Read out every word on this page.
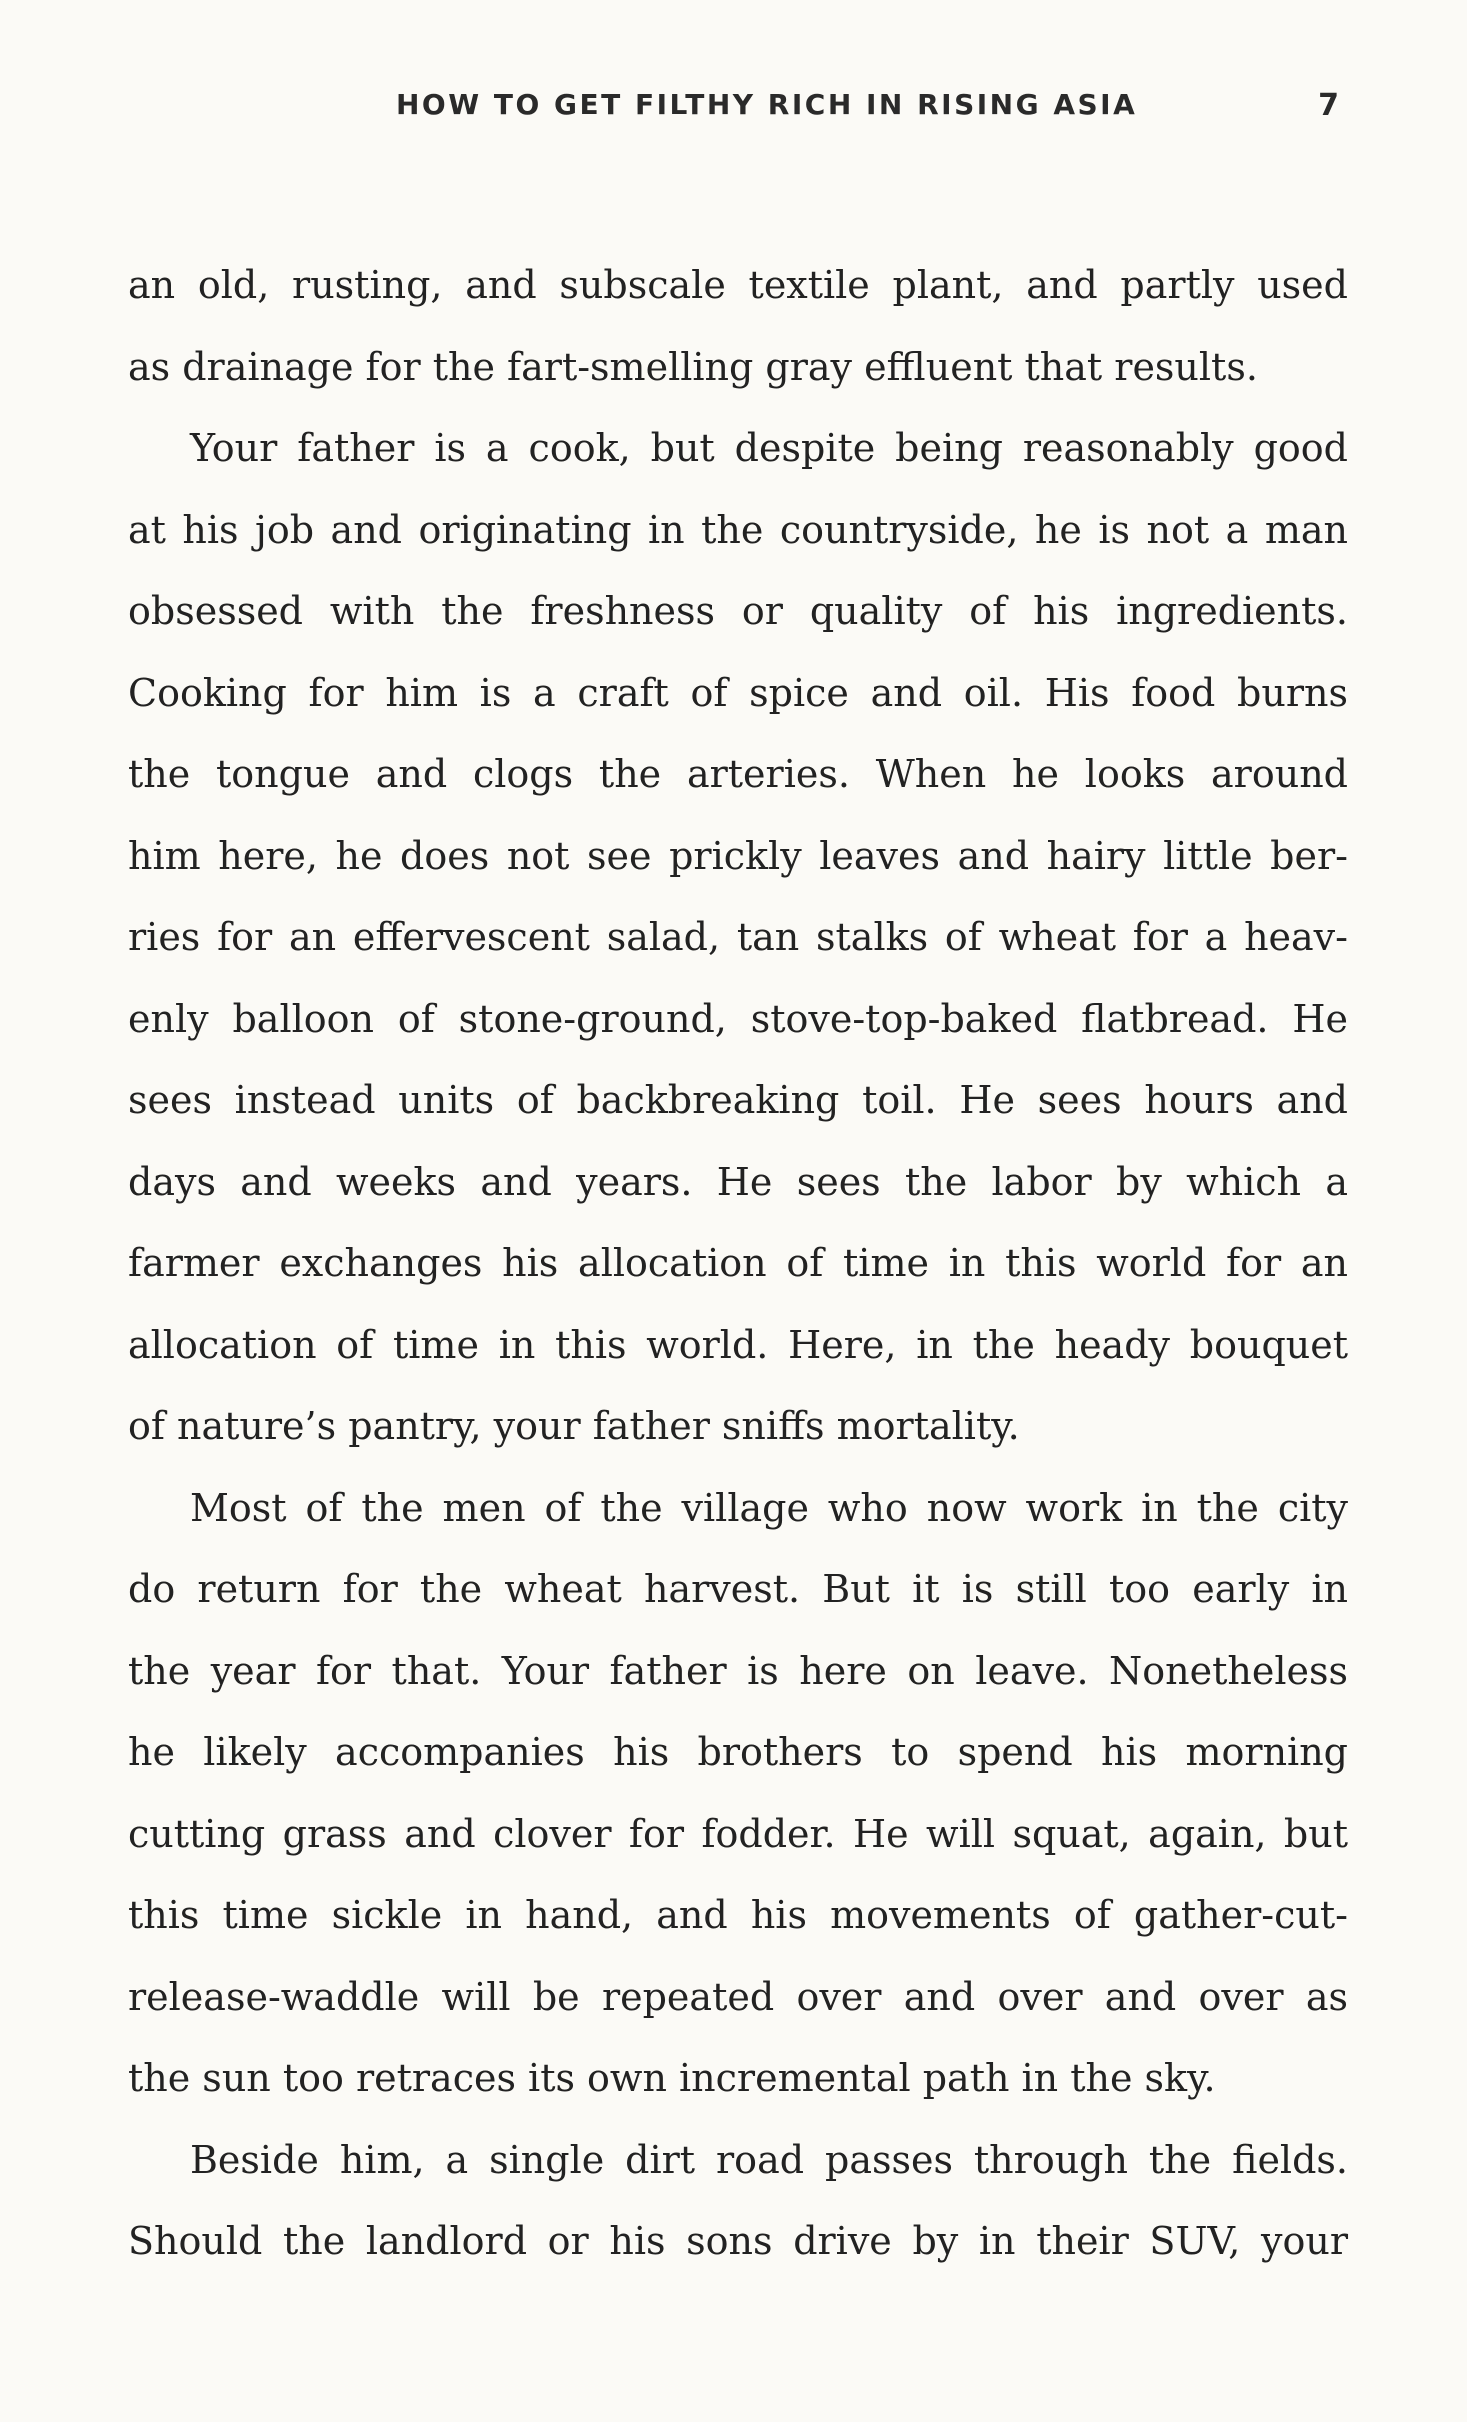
HOW TO GET FILTHY RICH IN RISING ASIA	7
an old, rusting, and subscale textile plant, and partly used
as drainage for the fart-smelling gray effluent that results.
Your father is a cook, but despite being reasonably good
at his job and originating in the countryside, he is not a man
obsessed with the freshness or quality of his ingredients.
Cooking for him is a craft of spice and oil. His food burns
the tongue and clogs the arteries. When he looks around
him here, he does not see prickly leaves and hairy little ber-
ries for an effervescent salad, tan stalks of wheat for a heav-
enly balloon of stone-ground, stove-top-baked flatbread. He
sees instead units of backbreaking toil. He sees hours and
days and weeks and years. He sees the labor by which a
farmer exchanges his allocation of time in this world for an
allocation of time in this world. Here, in the heady bouquet
of nature’s pantry, your father sniffs mortality.
Most of the men of the village who now work in the city
do return for the wheat harvest. But it is still too early in
the year for that. Your father is here on leave. Nonetheless
he likely accompanies his brothers to spend his morning
cutting grass and clover for fodder. He will squat, again, but
this time sickle in hand, and his movements of gather-cut-
release-waddle will be repeated over and over and over as
the sun too retraces its own incremental path in the sky.
Beside him, a single dirt road passes through the fields.
Should the landlord or his sons drive by in their SUV, your
